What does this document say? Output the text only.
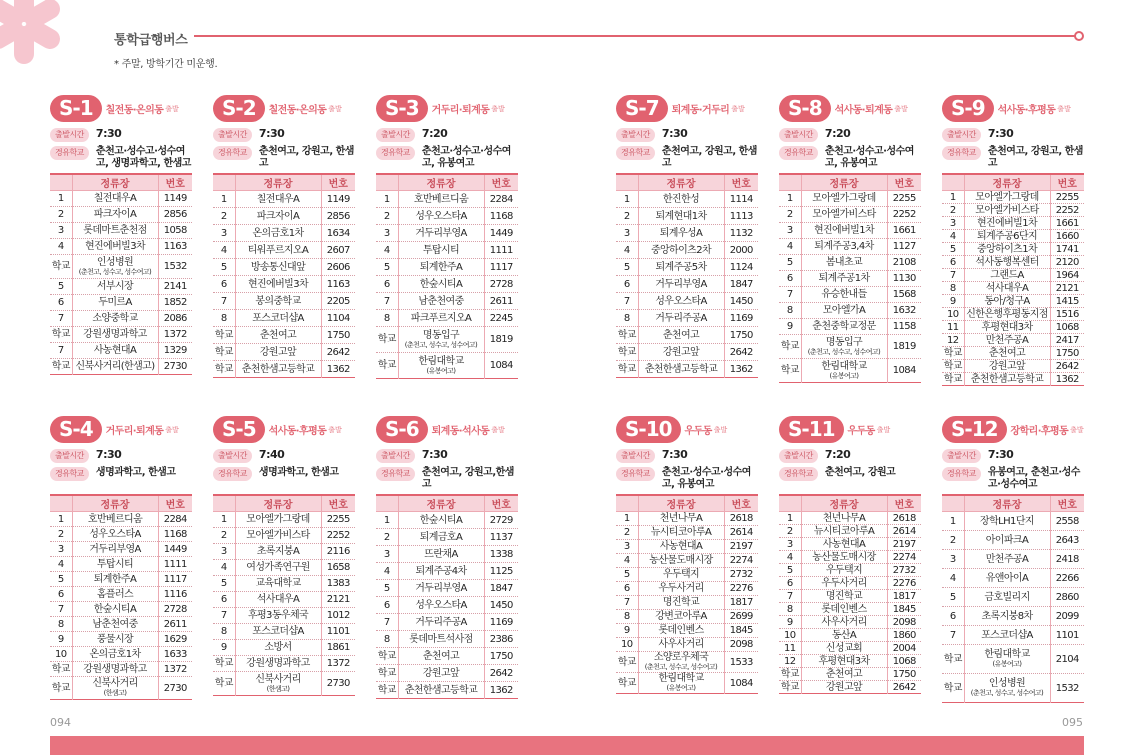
통학급행버스
* 주말, 방학기간 미운행.
S-1	칠전동·온의동 출발
출발시간	7:30
경유학교	춘천고·성수고·성수여고, 생명과학고, 한샘고
	정류장	번호
1	칠전대우A	1149
2	파크자이A	2856
3	롯데마트춘천점	1058
4	현진에버빌3차	1163
학교	인성병원
(춘천고, 성수고, 성수여고)	1532
5	서부시장	2141
6	두미르A	1852
7	소양중학교	2086
학교	강원생명과학고	1372
7	사농현대A	1329
학교	신북사거리(한샘고)	2730
S-2	칠전동·온의동 출발
출발시간	7:30
경유학교	춘천여고, 강원고, 한샘고
	정류장	번호
1	칠전대우A	1149
2	파크자이A	2856
3	온의금호1차	1634
4	티워푸르지오A	2607
5	방송통신대앞	2606
6	현진에버빌3차	1163
7	봉의중학교	2205
8	포스코더샵A	1104
학교	춘천여고	1750
학교	강원고앞	2642
학교	춘천한샘고등학교	1362
S-3	거두리·퇴계동 출발
출발시간	7:20
경유학교	춘천고·성수고·성수여고, 유봉여고
	정류장	번호
1	호반베르디움	2284
2	성우오스타A	1168
3	거두리부영A	1449
4	투탑시티	1111
5	퇴계한주A	1117
6	한숲시티A	2728
7	남춘천여중	2611
8	파크푸르지오A	2245
학교	명동입구
(춘천고, 성수고, 성수여고)	1819
학교	한림대학교
(유봉여고)	1084
S-7	퇴계동·거두리 출발
출발시간	7:30
경유학교	춘천여고, 강원고, 한샘고
	정류장	번호
1	한진한성	1114
2	퇴계현대1차	1113
3	퇴계우성A	1132
4	중앙하이츠2차	2000
5	퇴계주공5차	1124
6	거두리부영A	1847
7	성우오스타A	1450
8	거두리주공A	1169
학교	춘천여고	1750
학교	강원고앞	2642
학교	춘천한샘고등학교	1362
S-8	석사동·퇴계동 출발
출발시간	7:20
경유학교	춘천고·성수고·성수여고, 유봉여고
	정류장	번호
1	모아엘가그랑데	2255
2	모아엘가비스타	2252
3	현진에버빌1차	1661
4	퇴계주공3,4차	1127
5	봄내초교	2108
6	퇴계주공1차	1130
7	유승한내들	1568
8	모아엘가A	1632
9	춘천중학교정문	1158
학교	명동입구
(춘천고, 성수고, 성수여고)	1819
학교	한림대학교
(유봉여고)	1084
S-9	석사동·후평동 출발
출발시간	7:30
경유학교	춘천여고, 강원고, 한샘고
	정류장	번호
1	모아엘가그랑데	2255
2	모아엘가비스타	2252
3	현진에버빌1차	1661
4	퇴계주공6단지	1660
5	중앙하이츠1차	1741
6	석사동행복센터	2120
7	그랜드A	1964
8	석사대우A	2121
9	동아/청구A	1415
10	신한은행후평동지점	1516
11	후평현대3차	1068
12	만천주공A	2417
학교	춘천여고	1750
학교	강원고앞	2642
학교	춘천한샘고등학교	1362
S-4	거두리·퇴계동 출발
출발시간	7:30
경유학교	생명과학고, 한샘고
	정류장	번호
1	호반베르디움	2284
2	성우오스타A	1168
3	거두리부영A	1449
4	투탑시티	1111
5	퇴계한주A	1117
6	홈플러스	1116
7	한숲시티A	2728
8	남춘천여중	2611
9	풍물시장	1629
10	온의금호1차	1633
학교	강원생명과학고	1372
학교	신북사거리
(한샘고)	2730
S-5	석사동·후평동 출발
출발시간	7:40
경유학교	생명과학고, 한샘고
	정류장	번호
1	모아엘가그랑데	2255
2	모아엘가비스타	2252
3	초록지붕A	2116
4	여성가족연구원	1658
5	교육대학교	1383
6	석사대우A	2121
7	후평3동우체국	1012
8	포스코더샵A	1101
9	소방서	1861
학교	강원생명과학고	1372
학교	신북사거리
(한샘고)	2730
S-6	퇴계동·석사동 출발
출발시간	7:30
경유학교	춘천여고, 강원고,한샘고
	정류장	번호
1	한숲시티A	2729
2	퇴계금호A	1137
3	뜨란채A	1338
4	퇴계주공4차	1125
5	거두리부영A	1847
6	성우오스타A	1450
7	거두리주공A	1169
8	롯데마트석사점	2386
학교	춘천여고	1750
학교	강원고앞	2642
학교	춘천한샘고등학교	1362
S-10	우두동 출발
출발시간	7:30
경유학교	춘천고·성수고·성수여고, 유봉여고
	정류장	번호
1	천년나무A	2618
2	뉴시티코아루A	2614
3	사농현대A	2197
4	농산물도매시장	2274
5	우두택지	2732
6	우두사거리	2276
7	명진학교	1817
8	강변코아루A	2699
9	롯데인벤스	1845
10	사우사거리	2098
학교	소양로우체국
(춘천고, 성수고, 성수여고)	1533
학교	한림대학교
(유봉여고)	1084
S-11	우두동 출발
출발시간	7:20
경유학교	춘천여고, 강원고
	정류장	번호
1	천년나무A	2618
2	뉴시티코아루A	2614
3	사농현대A	2197
4	농산물도매시장	2274
5	우두택지	2732
6	우두사거리	2276
7	명진학교	1817
8	롯데인벤스	1845
9	사우사거리	2098
10	동산A	1860
11	신성교회	2004
12	후평현대3차	1068
학교	춘천여고	1750
학교	강원고앞	2642
S-12	장학리·후평동 출발
출발시간	7:30
경유학교	유봉여고, 춘천고·성수고·성수여고
	정류장	번호
1	장학LH1단지	2558
2	아이파크A	2643
3	만천주공A	2418
4	유앤아이A	2266
5	금호빌리지	2860
6	초록지붕8차	2099
7	포스코더샵A	1101
학교	한림대학교
(유봉여고)	2104
학교	인성병원
(춘천고, 성수고, 성수여고)	1532
094	095
